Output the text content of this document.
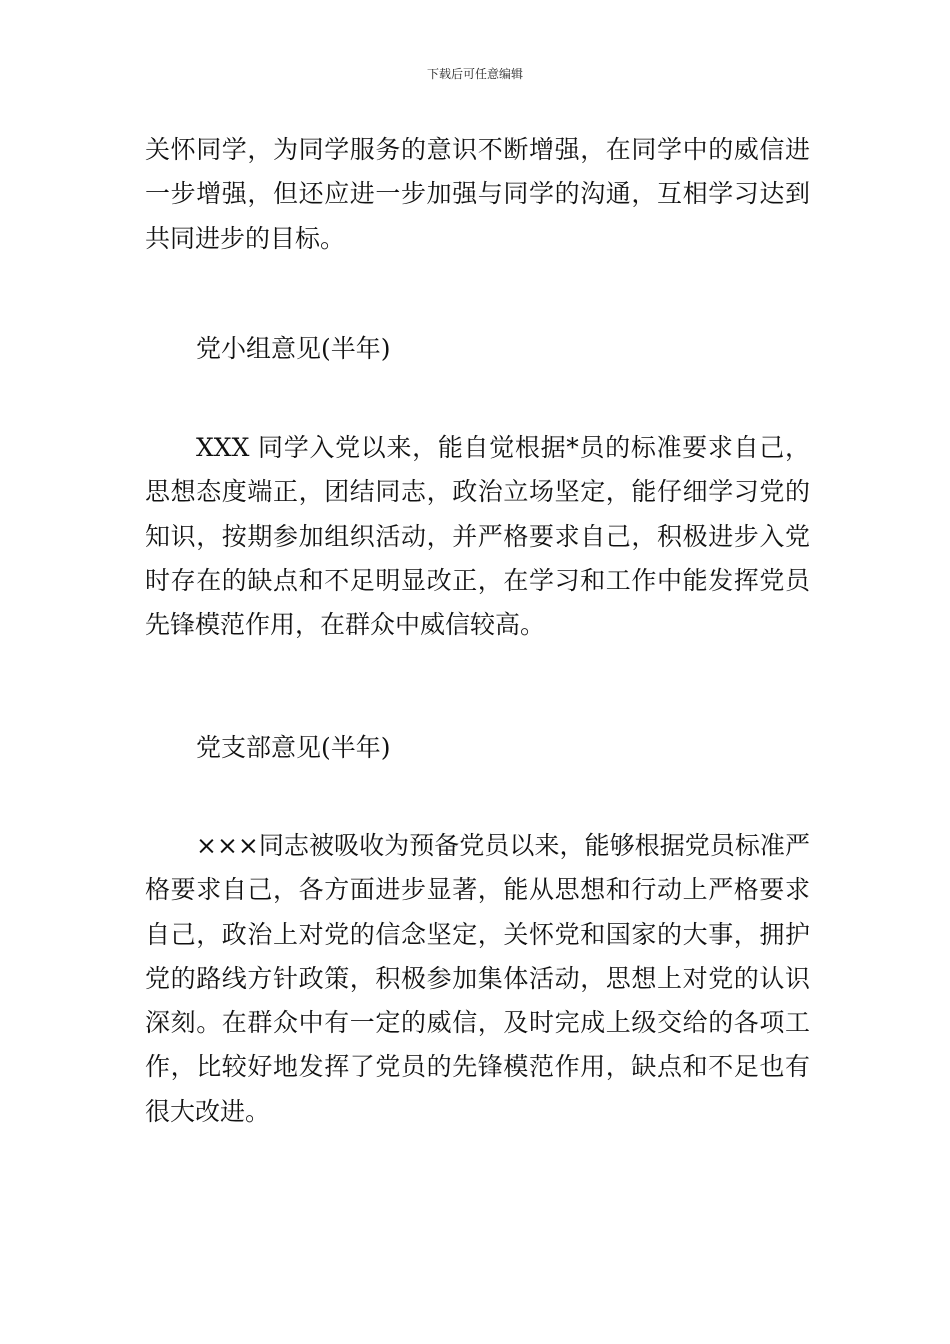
下载后可任意编辑

关怀同学，为同学服务的意识不断增强，在同学中的威信进一步增强，但还应进一步加强与同学的沟通，互相学习达到共同进步的目标。

党小组意见(半年)

XXX 同学入党以来，能自觉根据*员的标准要求自己，思想态度端正，团结同志，政治立场坚定，能仔细学习党的知识，按期参加组织活动，并严格要求自己，积极进步入党时存在的缺点和不足明显改正，在学习和工作中能发挥党员先锋模范作用，在群众中威信较高。

党支部意见(半年)

×××同志被吸收为预备党员以来，能够根据党员标准严格要求自己，各方面进步显著，能从思想和行动上严格要求自己，政治上对党的信念坚定，关怀党和国家的大事，拥护党的路线方针政策，积极参加集体活动，思想上对党的认识深刻。在群众中有一定的威信，及时完成上级交给的各项工作，比较好地发挥了党员的先锋模范作用，缺点和不足也有很大改进。
